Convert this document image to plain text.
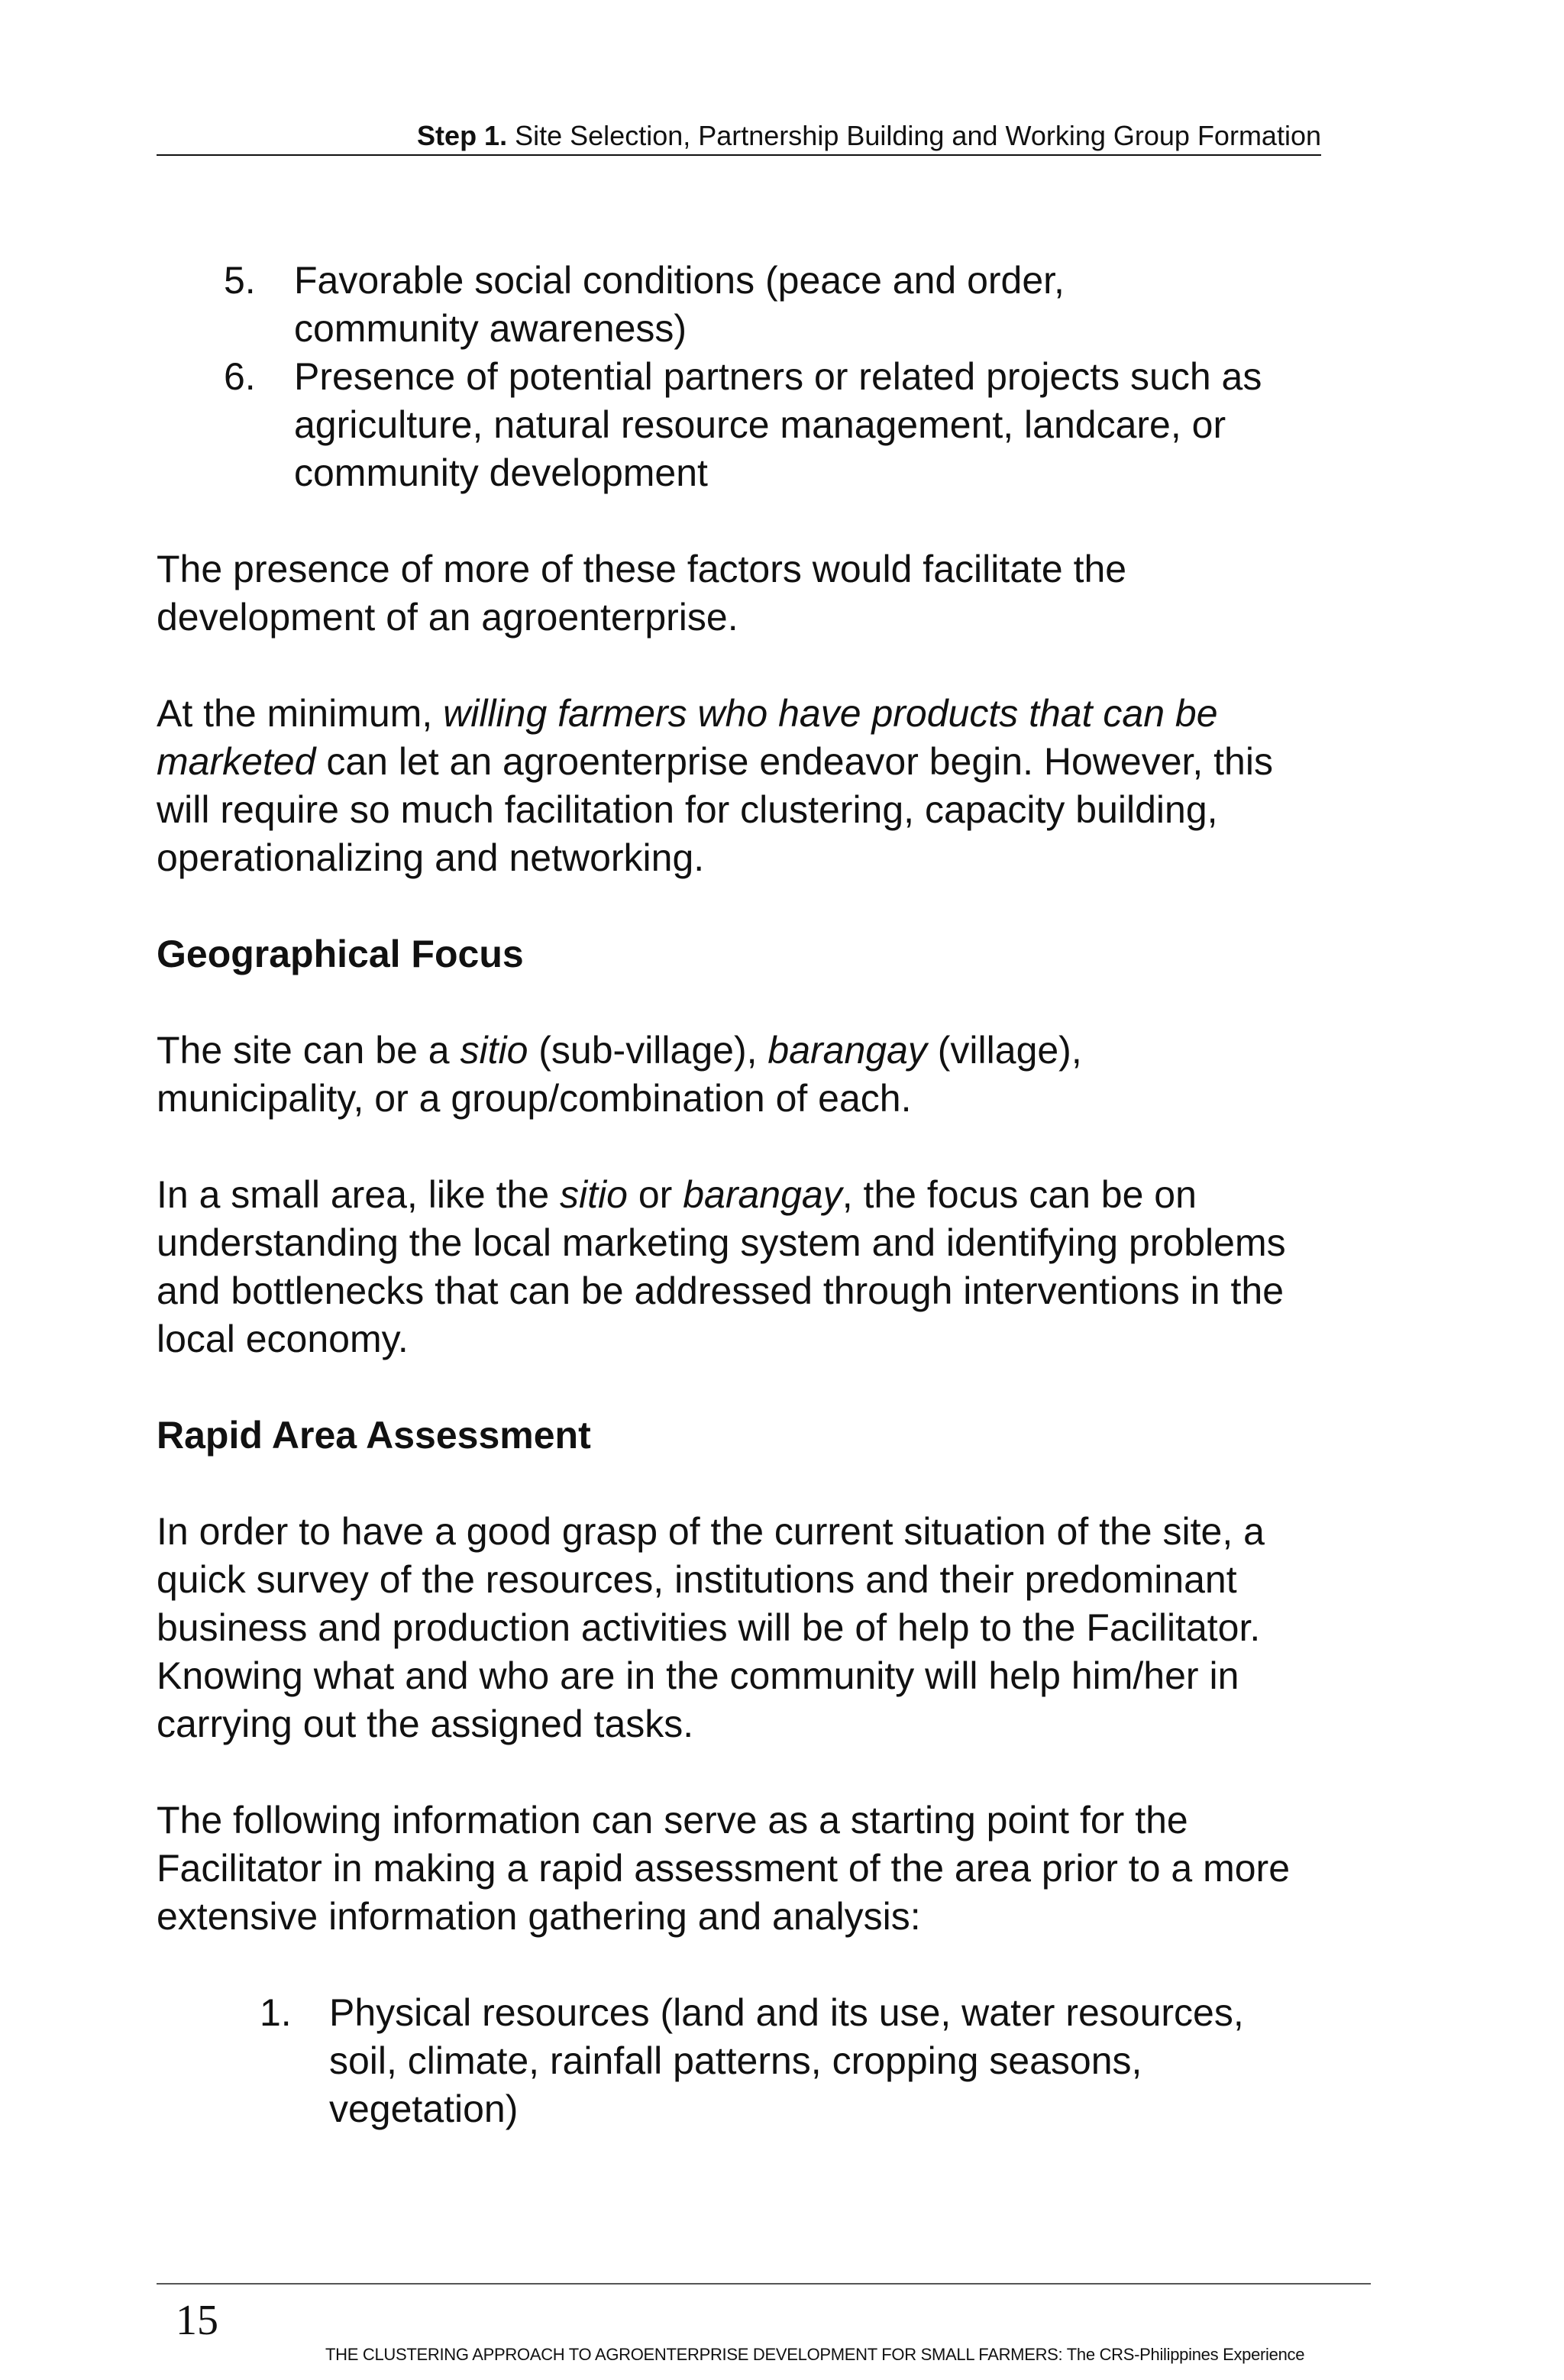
Step 1. Site Selection, Partnership Building and Working Group Formation
5. Favorable social conditions (peace and order, community awareness)
6. Presence of potential partners or related projects such as agriculture, natural resource management, landcare, or community development

The presence of more of these factors would facilitate the development of an agroenterprise.

At the minimum, willing farmers who have products that can be marketed can let an agroenterprise endeavor begin. However, this will require so much facilitation for clustering, capacity building, operationalizing and networking.

Geographical Focus

The site can be a sitio (sub-village), barangay (village), municipality, or a group/combination of each.

In a small area, like the sitio or barangay, the focus can be on understanding the local marketing system and identifying problems and bottlenecks that can be addressed through interventions in the local economy.

Rapid Area Assessment

In order to have a good grasp of the current situation of the site, a quick survey of the resources, institutions and their predominant business and production activities will be of help to the Facilitator. Knowing what and who are in the community will help him/her in carrying out the assigned tasks.

The following information can serve as a starting point for the Facilitator in making a rapid assessment of the area prior to a more extensive information gathering and analysis:

1. Physical resources (land and its use, water resources, soil, climate, rainfall patterns, cropping seasons, vegetation)
15
THE CLUSTERING APPROACH TO AGROENTERPRISE DEVELOPMENT FOR SMALL FARMERS: The CRS-Philippines Experience
